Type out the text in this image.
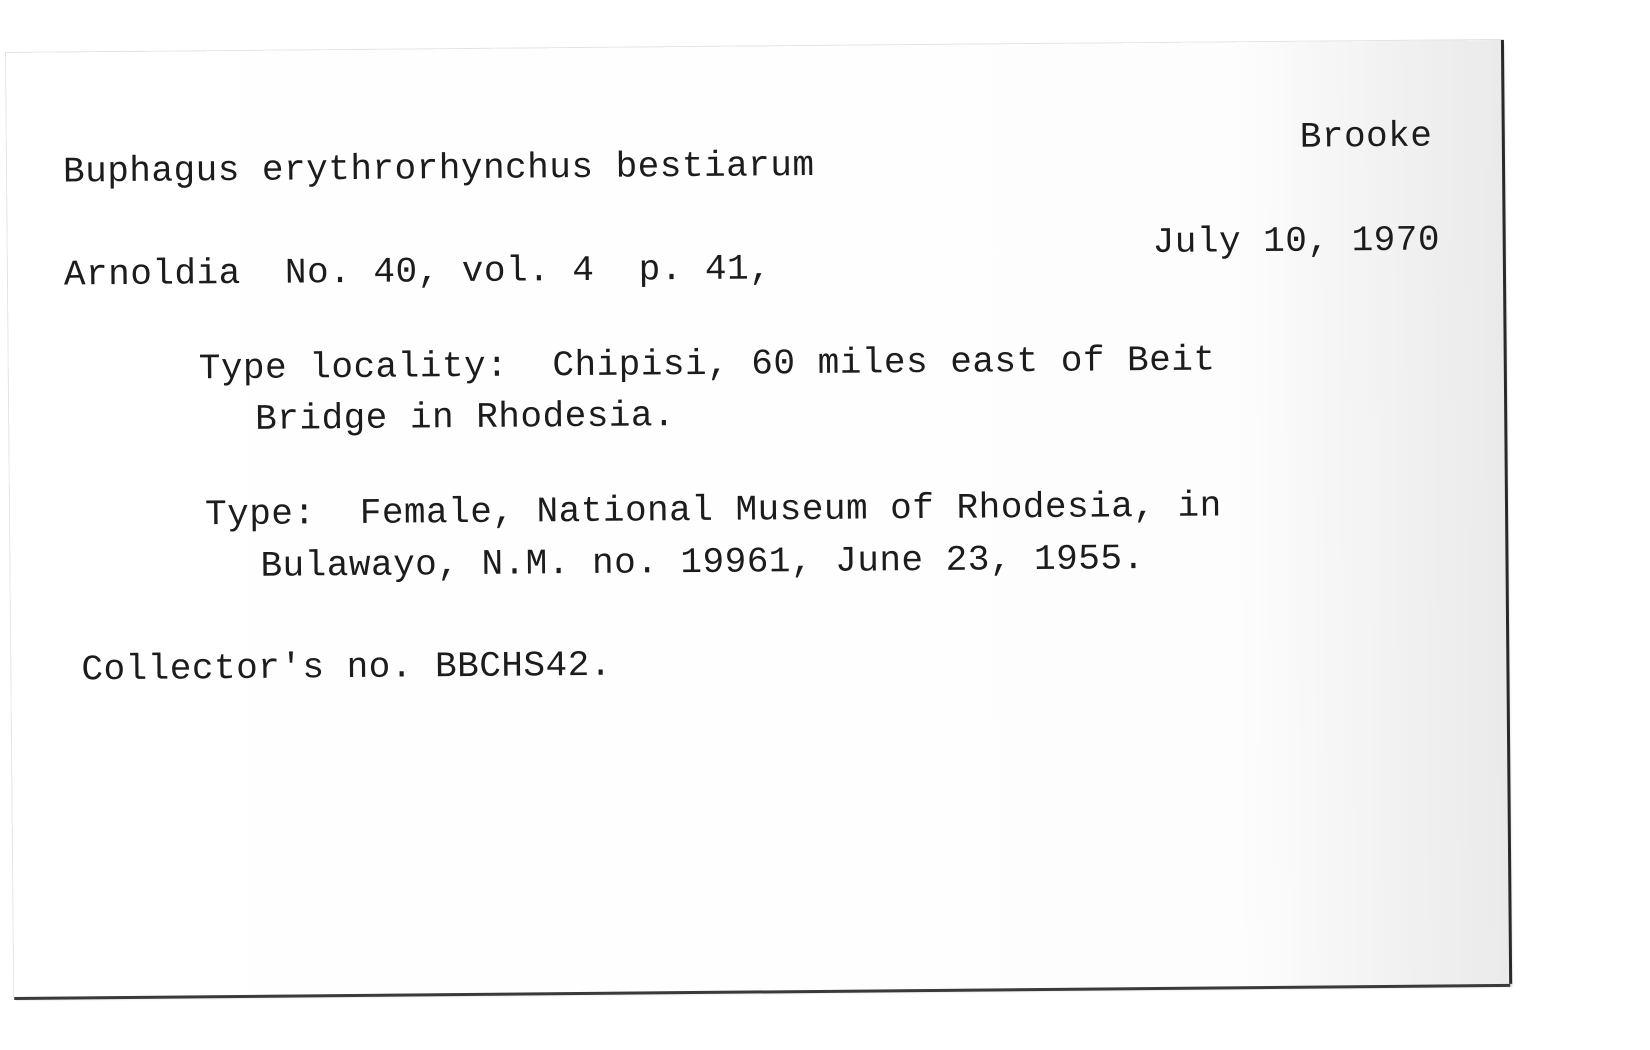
Buphagus erythrorhynchus bestiarum
Brooke
Arnoldia  No. 40, vol. 4  p. 41,
July 10, 1970
Type locality:  Chipisi, 60 miles east of Beit
Bridge in Rhodesia.
Type:  Female, National Museum of Rhodesia, in
Bulawayo, N.M. no. 19961, June 23, 1955.
Collector's no. BBCHS42.
